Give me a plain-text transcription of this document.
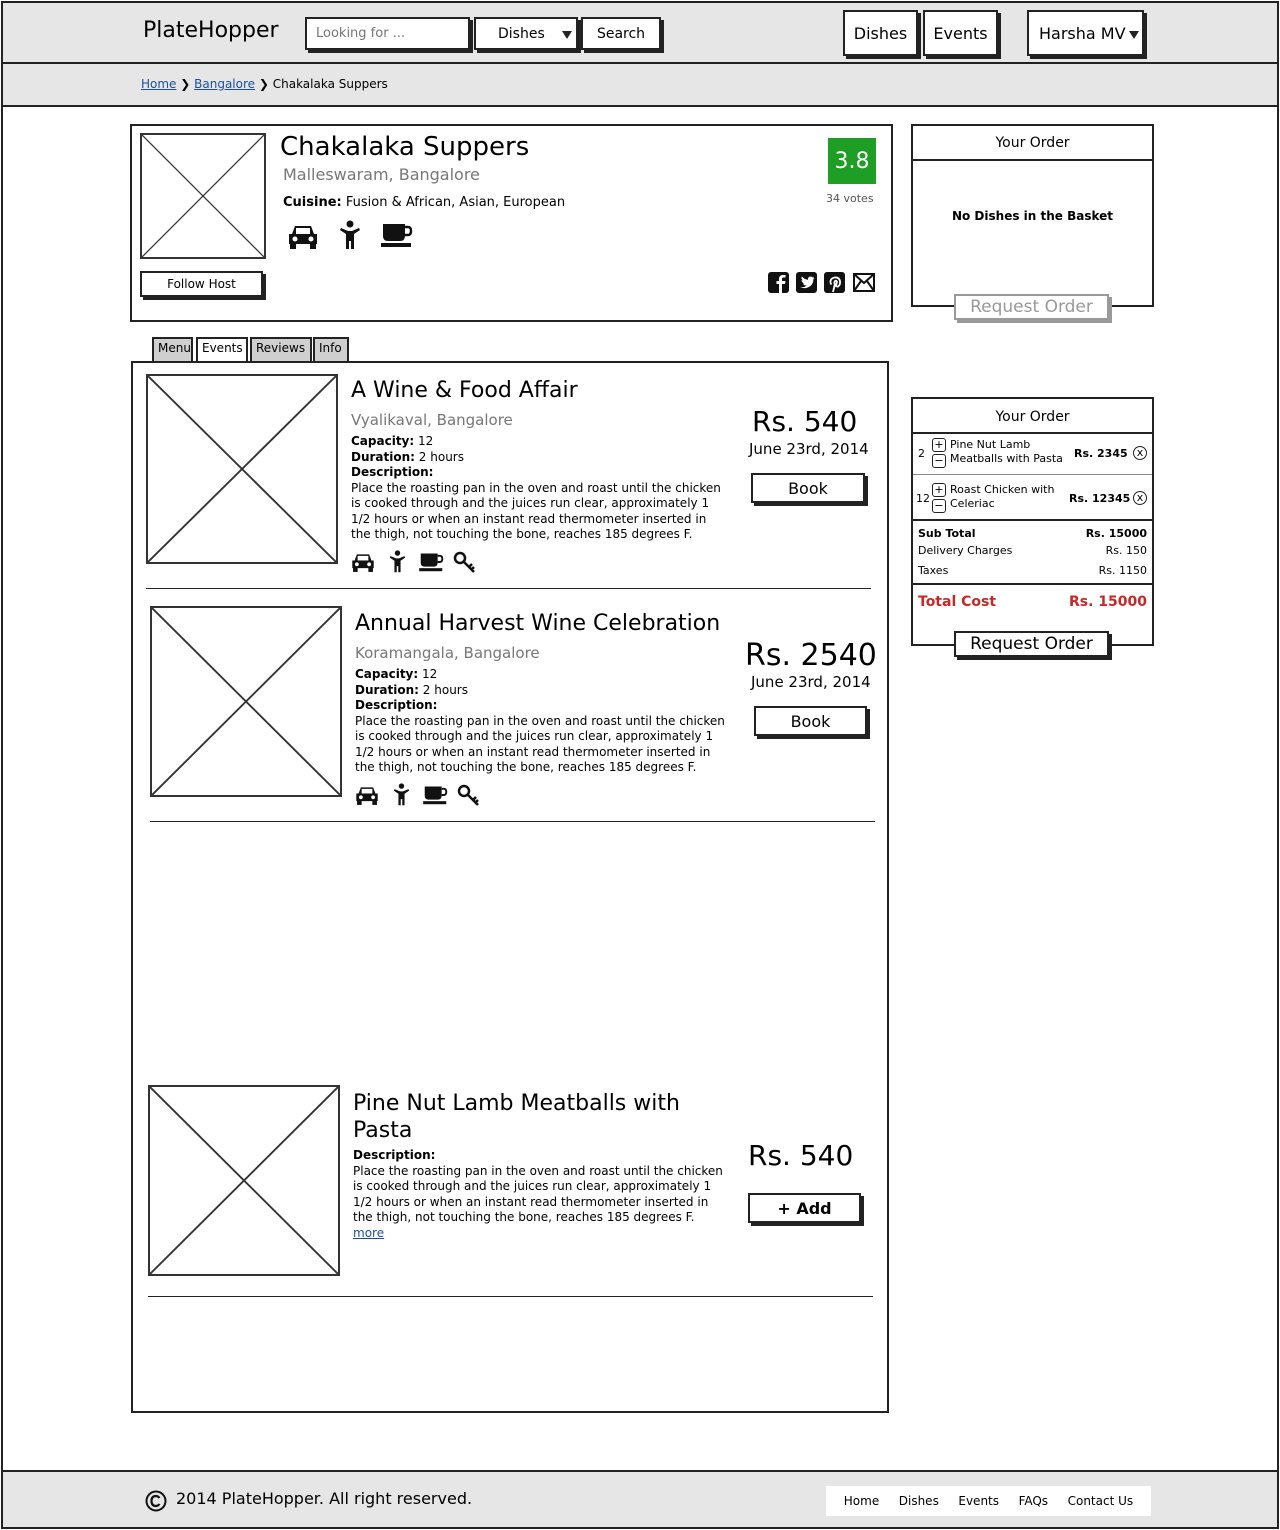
PlateHopper
Looking for ...	Dishes	Search	Dishes	Events	Harsha MV
Home ❯ Bangalore ❯ Chakalaka Suppers
Follow Host
Chakalaka Suppers
Malleswaram, Bangalore
Cuisine: Fusion & African, Asian, European
3.8
34 votes
Menu Events	Reviews	Info
A Wine & Food Affair
Vyalikaval, Bangalore
Capacity: 12
Duration: 2 hours
Description:
Place the roasting pan in the oven and roast until the chicken is cooked through and the juices run clear, approximately 1 1/2 hours or when an instant read thermometer inserted in the thigh, not touching the bone, reaches 185 degrees F.
Rs. 540
June 23rd, 2014
Book
Annual Harvest Wine Celebration
Koramangala, Bangalore
Capacity: 12
Duration: 2 hours
Description:
Place the roasting pan in the oven and roast until the chicken is cooked through and the juices run clear, approximately 1 1/2 hours or when an instant read thermometer inserted in the thigh, not touching the bone, reaches 185 degrees F.
Rs. 2540
June 23rd, 2014
Book
Pine Nut Lamb Meatballs with Pasta
Description:
Place the roasting pan in the oven and roast until the chicken is cooked through and the juices run clear, approximately 1 1/2 hours or when an instant read thermometer inserted in the thigh, not touching the bone, reaches 185 degrees F.
more
Rs. 540
+ Add
Your Order
No Dishes in the Basket
Request Order
Your Order
2
+
−
Pine Nut Lamb Meatballs with Pasta	Rs. 2345 x
12
+
−
Roast Chicken with Celeriac	Rs. 12345 x
Sub Total	Rs. 15000
Delivery Charges	Rs. 150
Taxes	Rs. 1150
Total Cost	Rs. 15000
Request Order
2014 PlateHopper. All right reserved.	Home Dishes Events FAQs Contact Us
